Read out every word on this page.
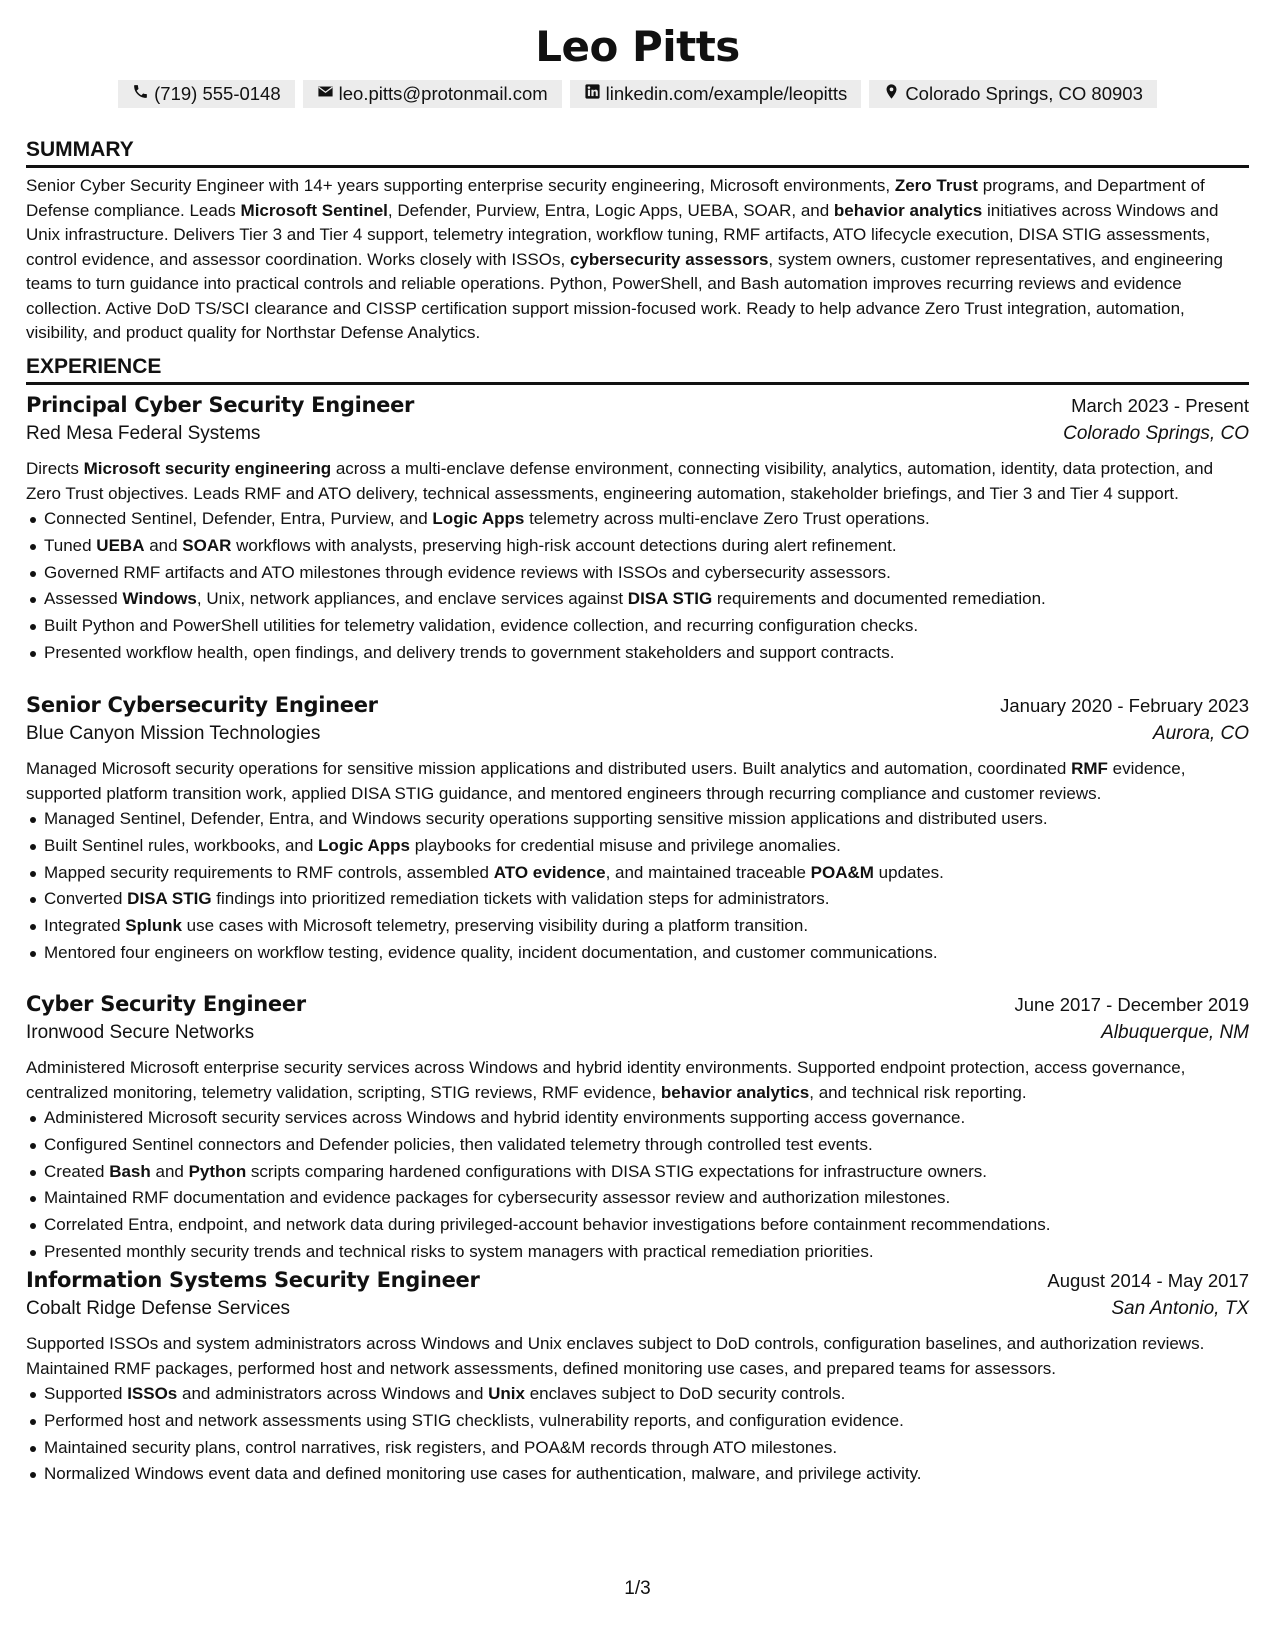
Leo Pitts
(719) 555-0148	leo.pitts@protonmail.com	linkedin.com/example/leopitts	Colorado Springs, CO 80903
SUMMARY

Senior Cyber Security Engineer with 14+ years supporting enterprise security engineering, Microsoft environments, Zero Trust programs, and Department of Defense compliance. Leads Microsoft Sentinel, Defender, Purview, Entra, Logic Apps, UEBA, SOAR, and behavior analytics initiatives across Windows and Unix infrastructure. Delivers Tier 3 and Tier 4 support, telemetry integration, workflow tuning, RMF artifacts, ATO lifecycle execution, DISA STIG assessments, control evidence, and assessor coordination. Works closely with ISSOs, cybersecurity assessors, system owners, customer representatives, and engineering teams to turn guidance into practical controls and reliable operations. Python, PowerShell, and Bash automation improves recurring reviews and evidence collection. Active DoD TS/SCI clearance and CISSP certification support mission-focused work. Ready to help advance Zero Trust integration, automation, visibility, and product quality for Northstar Defense Analytics.

EXPERIENCE
Principal Cyber Security Engineer	March 2023 - Present
Red Mesa Federal Systems	Colorado Springs, CO

Directs Microsoft security engineering across a multi-enclave defense environment, connecting visibility, analytics, automation, identity, data protection, and Zero Trust objectives. Leads RMF and ATO delivery, technical assessments, engineering automation, stakeholder briefings, and Tier 3 and Tier 4 support.

Connected Sentinel, Defender, Entra, Purview, and Logic Apps telemetry across multi-enclave Zero Trust operations.
Tuned UEBA and SOAR workflows with analysts, preserving high-risk account detections during alert refinement.
Governed RMF artifacts and ATO milestones through evidence reviews with ISSOs and cybersecurity assessors.
Assessed Windows, Unix, network appliances, and enclave services against DISA STIG requirements and documented remediation.
Built Python and PowerShell utilities for telemetry validation, evidence collection, and recurring configuration checks.
Presented workflow health, open findings, and delivery trends to government stakeholders and support contracts.
Senior Cybersecurity Engineer	January 2020 - February 2023
Blue Canyon Mission Technologies	Aurora, CO

Managed Microsoft security operations for sensitive mission applications and distributed users. Built analytics and automation, coordinated RMF evidence, supported platform transition work, applied DISA STIG guidance, and mentored engineers through recurring compliance and customer reviews.

Managed Sentinel, Defender, Entra, and Windows security operations supporting sensitive mission applications and distributed users.
Built Sentinel rules, workbooks, and Logic Apps playbooks for credential misuse and privilege anomalies.
Mapped security requirements to RMF controls, assembled ATO evidence, and maintained traceable POA&M updates.
Converted DISA STIG findings into prioritized remediation tickets with validation steps for administrators.
Integrated Splunk use cases with Microsoft telemetry, preserving visibility during a platform transition.
Mentored four engineers on workflow testing, evidence quality, incident documentation, and customer communications.
Cyber Security Engineer	June 2017 - December 2019
Ironwood Secure Networks	Albuquerque, NM

Administered Microsoft enterprise security services across Windows and hybrid identity environments. Supported endpoint protection, access governance, centralized monitoring, telemetry validation, scripting, STIG reviews, RMF evidence, behavior analytics, and technical risk reporting.

Administered Microsoft security services across Windows and hybrid identity environments supporting access governance.
Configured Sentinel connectors and Defender policies, then validated telemetry through controlled test events.
Created Bash and Python scripts comparing hardened configurations with DISA STIG expectations for infrastructure owners.
Maintained RMF documentation and evidence packages for cybersecurity assessor review and authorization milestones.
Correlated Entra, endpoint, and network data during privileged-account behavior investigations before containment recommendations.
Presented monthly security trends and technical risks to system managers with practical remediation priorities.
Information Systems Security Engineer	August 2014 - May 2017
Cobalt Ridge Defense Services	San Antonio, TX

Supported ISSOs and system administrators across Windows and Unix enclaves subject to DoD controls, configuration baselines, and authorization reviews. Maintained RMF packages, performed host and network assessments, defined monitoring use cases, and prepared teams for assessors.

Supported ISSOs and administrators across Windows and Unix enclaves subject to DoD security controls.
Performed host and network assessments using STIG checklists, vulnerability reports, and configuration evidence.
Maintained security plans, control narratives, risk registers, and POA&M records through ATO milestones.
Normalized Windows event data and defined monitoring use cases for authentication, malware, and privilege activity.
1/3
